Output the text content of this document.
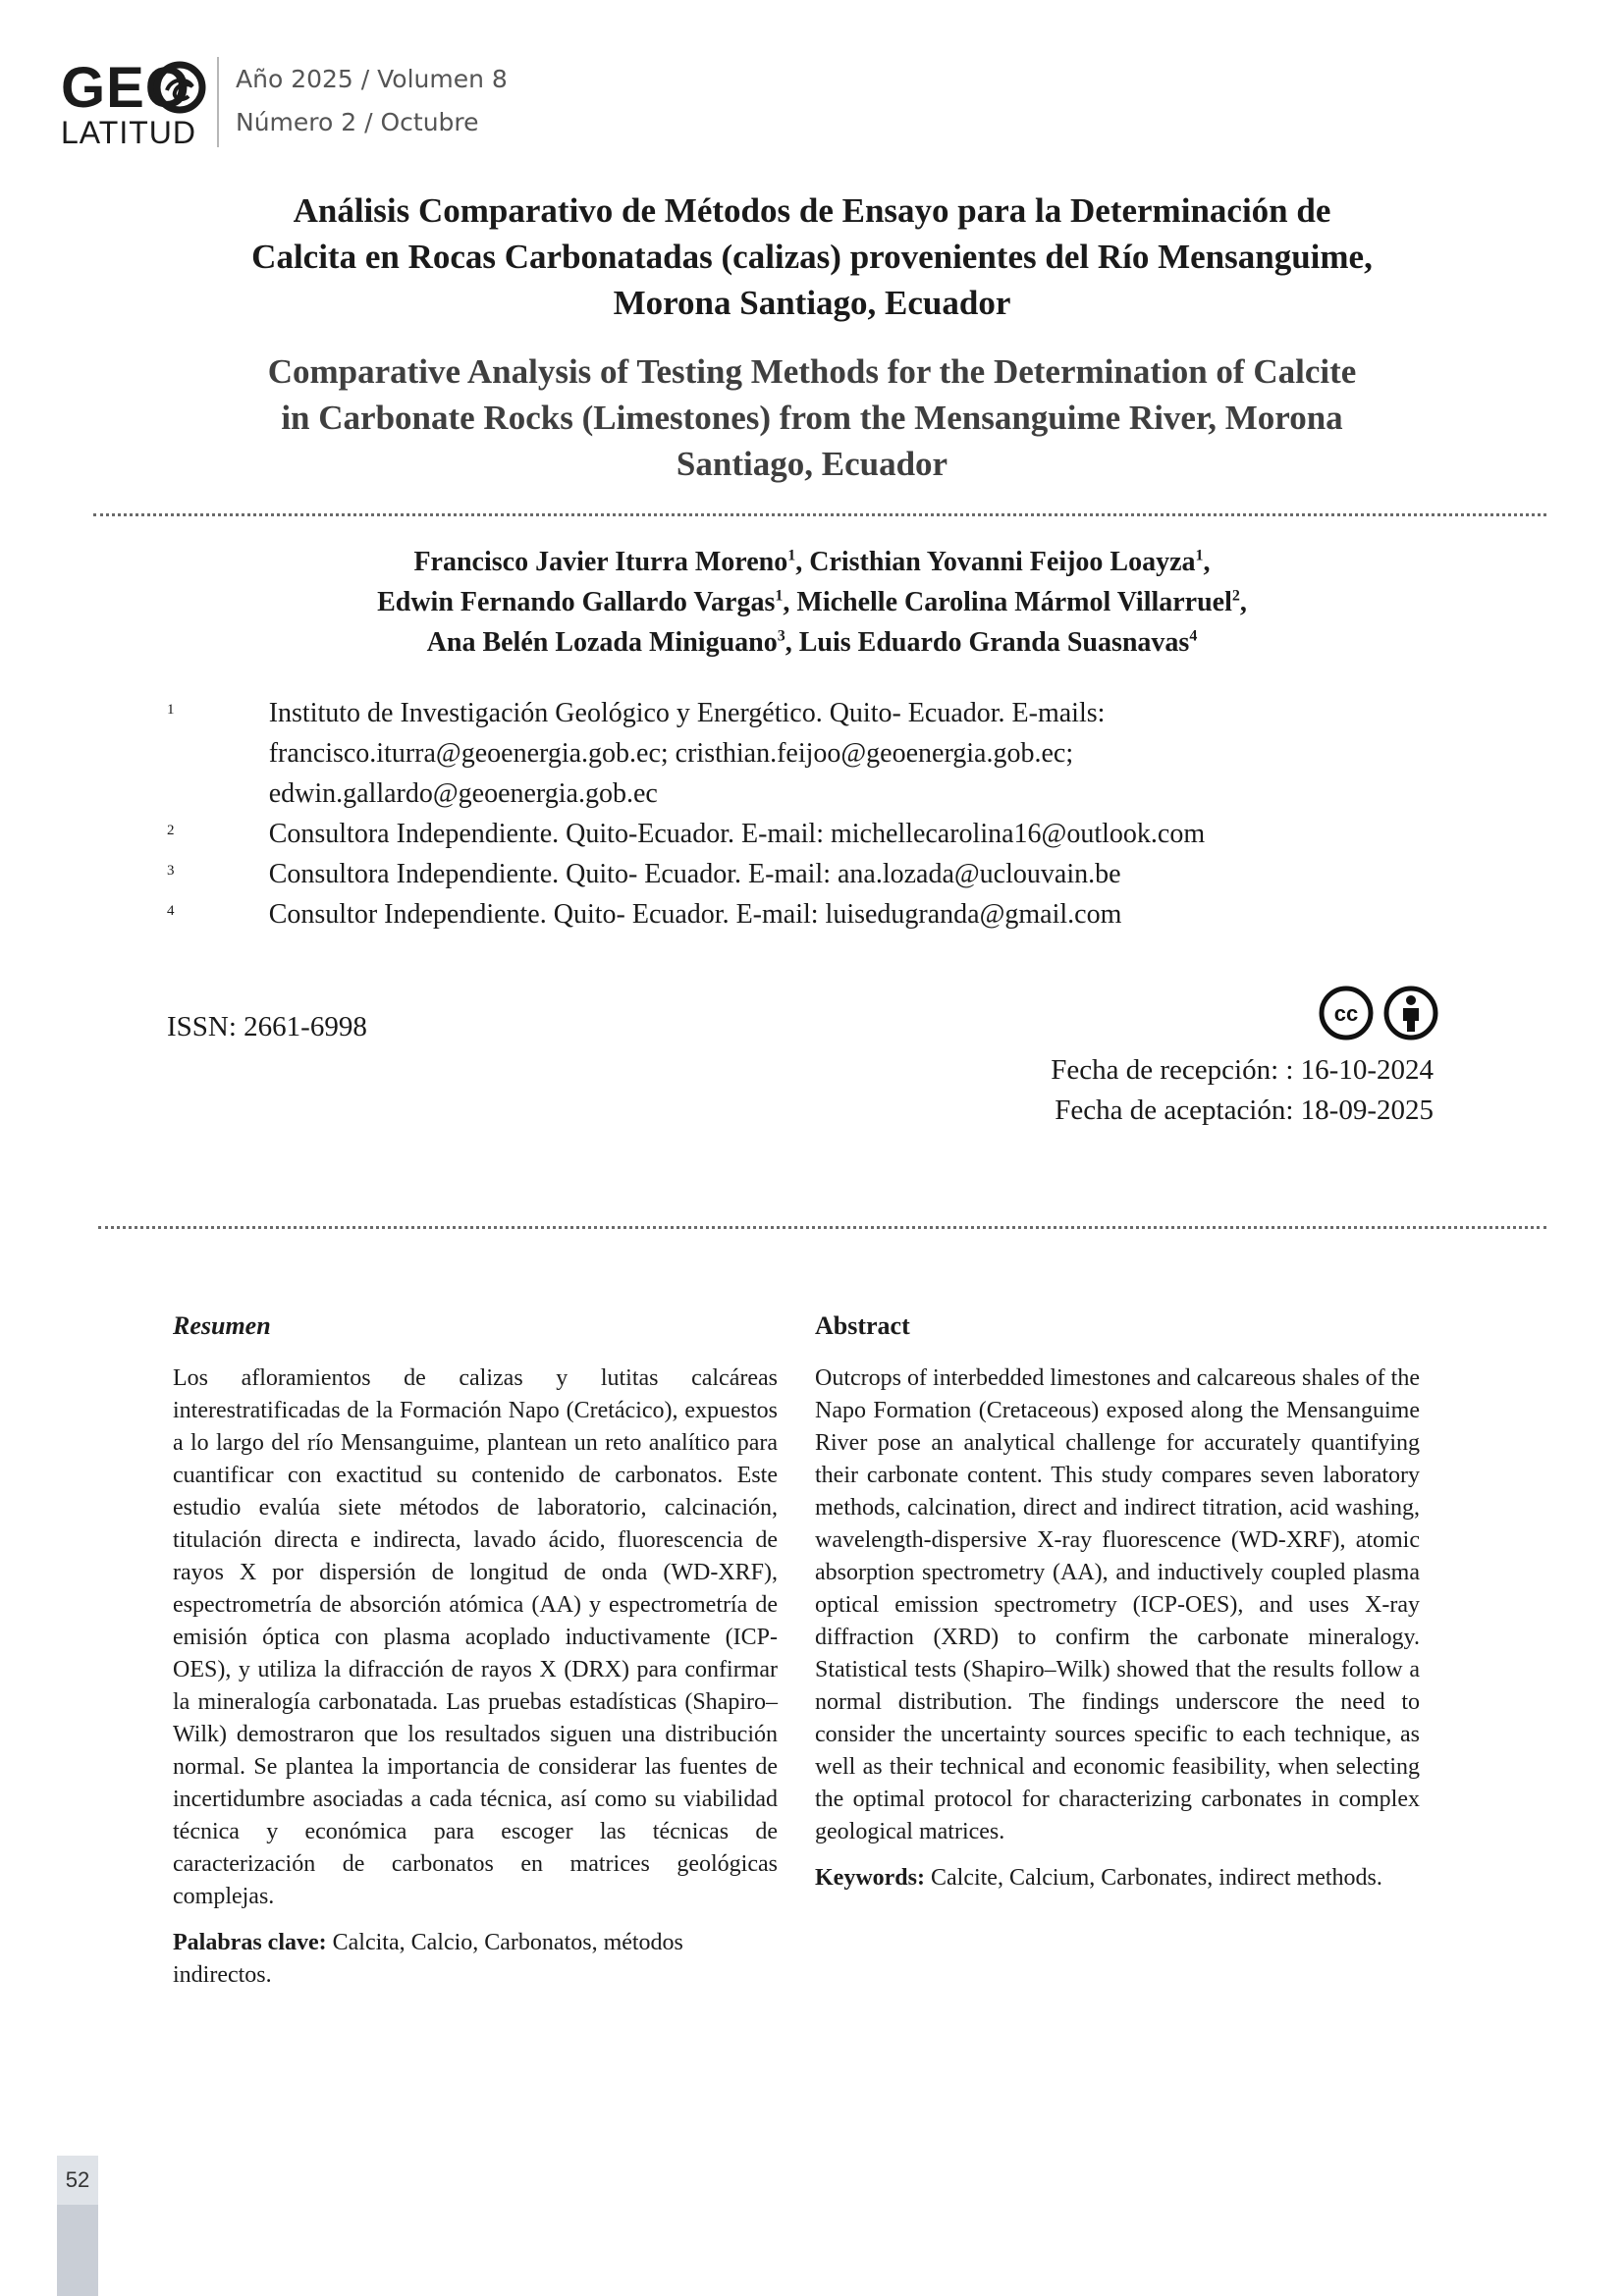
GEO
LATITUD
Año 2025 / Volumen 8
Número 2 / Octubre
Análisis Comparativo de Métodos de Ensayo para la Determinación de
Calcita en Rocas Carbonatadas (calizas) provenientes del Río Mensanguime,
Morona Santiago, Ecuador
Comparative Analysis of Testing Methods for the Determination of Calcite
in Carbonate Rocks (Limestones) from the Mensanguime River, Morona
Santiago, Ecuador
Francisco Javier Iturra Moreno$^1$, Cristhian Yovanni Feijoo Loayza$^1$,
Edwin Fernando Gallardo Vargas$^1$, Michelle Carolina Mármol Villarruel$^2$,
Ana Belén Lozada Miniguano$^3$, Luis Eduardo Granda Suasnavas$^4$
1	Instituto de Investigación Geológico y Energético. Quito- Ecuador. E-mails:
francisco.iturra@geoenergia.gob.ec; cristhian.feijoo@geoenergia.gob.ec;
edwin.gallardo@geoenergia.gob.ec
2	Consultora Independiente. Quito-Ecuador. E-mail: michellecarolina16@outlook.com
3	Consultora Independiente. Quito- Ecuador. E-mail: ana.lozada@uclouvain.be
4	Consultor Independiente. Quito- Ecuador. E-mail: luisedugranda@gmail.com
ISSN: 2661-6998	cc
Fecha de recepción: : 16-10-2024
Fecha de aceptación: 18-09-2025
Resumen
Los afloramientos de calizas y lutitas calcáreas interestratificadas de la Formación Napo (Cretácico), expuestos a lo largo del río Mensanguime, plantean un reto analítico para cuantificar con exactitud su contenido de carbonatos. Este estudio evalúa siete métodos de laboratorio, calcinación, titulación directa e indirecta, lavado ácido, fluorescencia de rayos X por dispersión de longitud de onda (WD-XRF), espectrometría de absorción atómica (AA) y espectrometría de emisión óptica con plasma acoplado inductivamente (ICP-OES), y utiliza la difracción de rayos X (DRX) para confirmar la mineralogía carbonatada. Las pruebas estadísticas (Shapiro–Wilk) demostraron que los resultados siguen una distribución normal. Se plantea la importancia de considerar las fuentes de incertidumbre asociadas a cada técnica, así como su viabilidad técnica y económica para escoger las técnicas de caracterización de carbonatos en matrices geológicas complejas.
Palabras clave: Calcita, Calcio, Carbonatos, métodos indirectos.
Abstract
Outcrops of interbedded limestones and calcareous shales of the Napo Formation (Cretaceous) exposed along the Mensanguime River pose an analytical challenge for accurately quantifying their carbonate content. This study compares seven laboratory methods, calcination, direct and indirect titration, acid washing, wavelength-dispersive X-ray fluorescence (WD-XRF), atomic absorption spectrometry (AA), and inductively coupled plasma optical emission spectrometry (ICP-OES), and uses X-ray diffraction (XRD) to confirm the carbonate mineralogy. Statistical tests (Shapiro–Wilk) showed that the results follow a normal distribution. The findings underscore the need to consider the uncertainty sources specific to each technique, as well as their technical and economic feasibility, when selecting the optimal protocol for characterizing carbonates in complex geological matrices.
Keywords: Calcite, Calcium, Carbonates, indirect methods.
52
